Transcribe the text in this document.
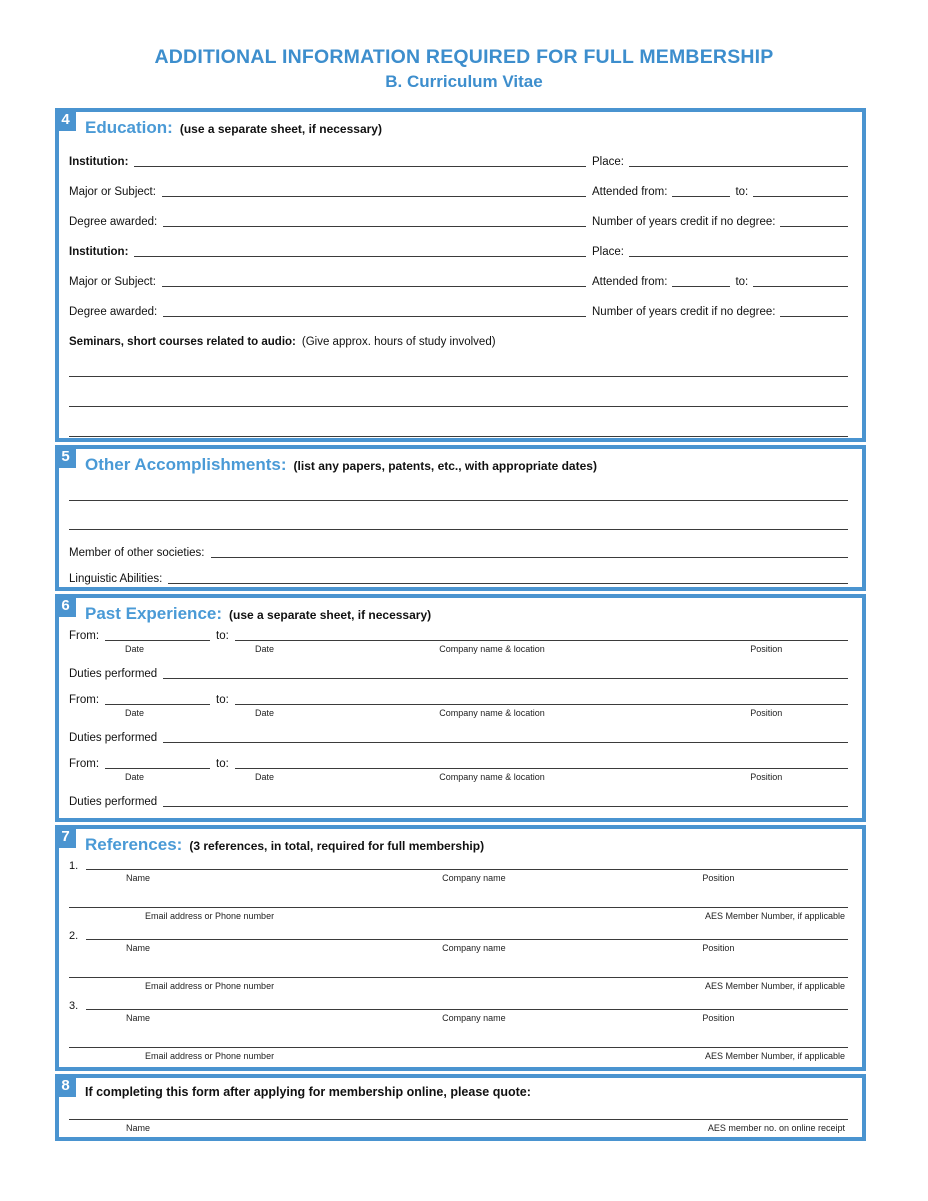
ADDITIONAL INFORMATION REQUIRED FOR FULL MEMBERSHIP
B. Curriculum Vitae
4 Education: (use a separate sheet, if necessary)
Institution:	Place:
Major or Subject:	Attended from:	to:
Degree awarded:	Number of years credit if no degree:
Institution:	Place:
Major or Subject:	Attended from:	to:
Degree awarded:	Number of years credit if no degree:
Seminars, short courses related to audio: (Give approx. hours of study involved)
5 Other Accomplishments: (list any papers, patents, etc., with appropriate dates)
Member of other societies:
Linguistic Abilities:
6 Past Experience: (use a separate sheet, if necessary)
From:	to:
Date	Date	Company name & location	Position
Duties performed
From:	to:
Date	Date	Company name & location	Position
Duties performed
From:	to:
Date	Date	Company name & location	Position
Duties performed
7 References: (3 references, in total, required for full membership)
1.
Name	Company name	Position
Email address or Phone number	AES Member Number, if applicable
2.
Name	Company name	Position
Email address or Phone number	AES Member Number, if applicable
3.
Name	Company name	Position
Email address or Phone number	AES Member Number, if applicable
8	If completing this form after applying for membership online, please quote:
Name	AES member no. on online receipt
